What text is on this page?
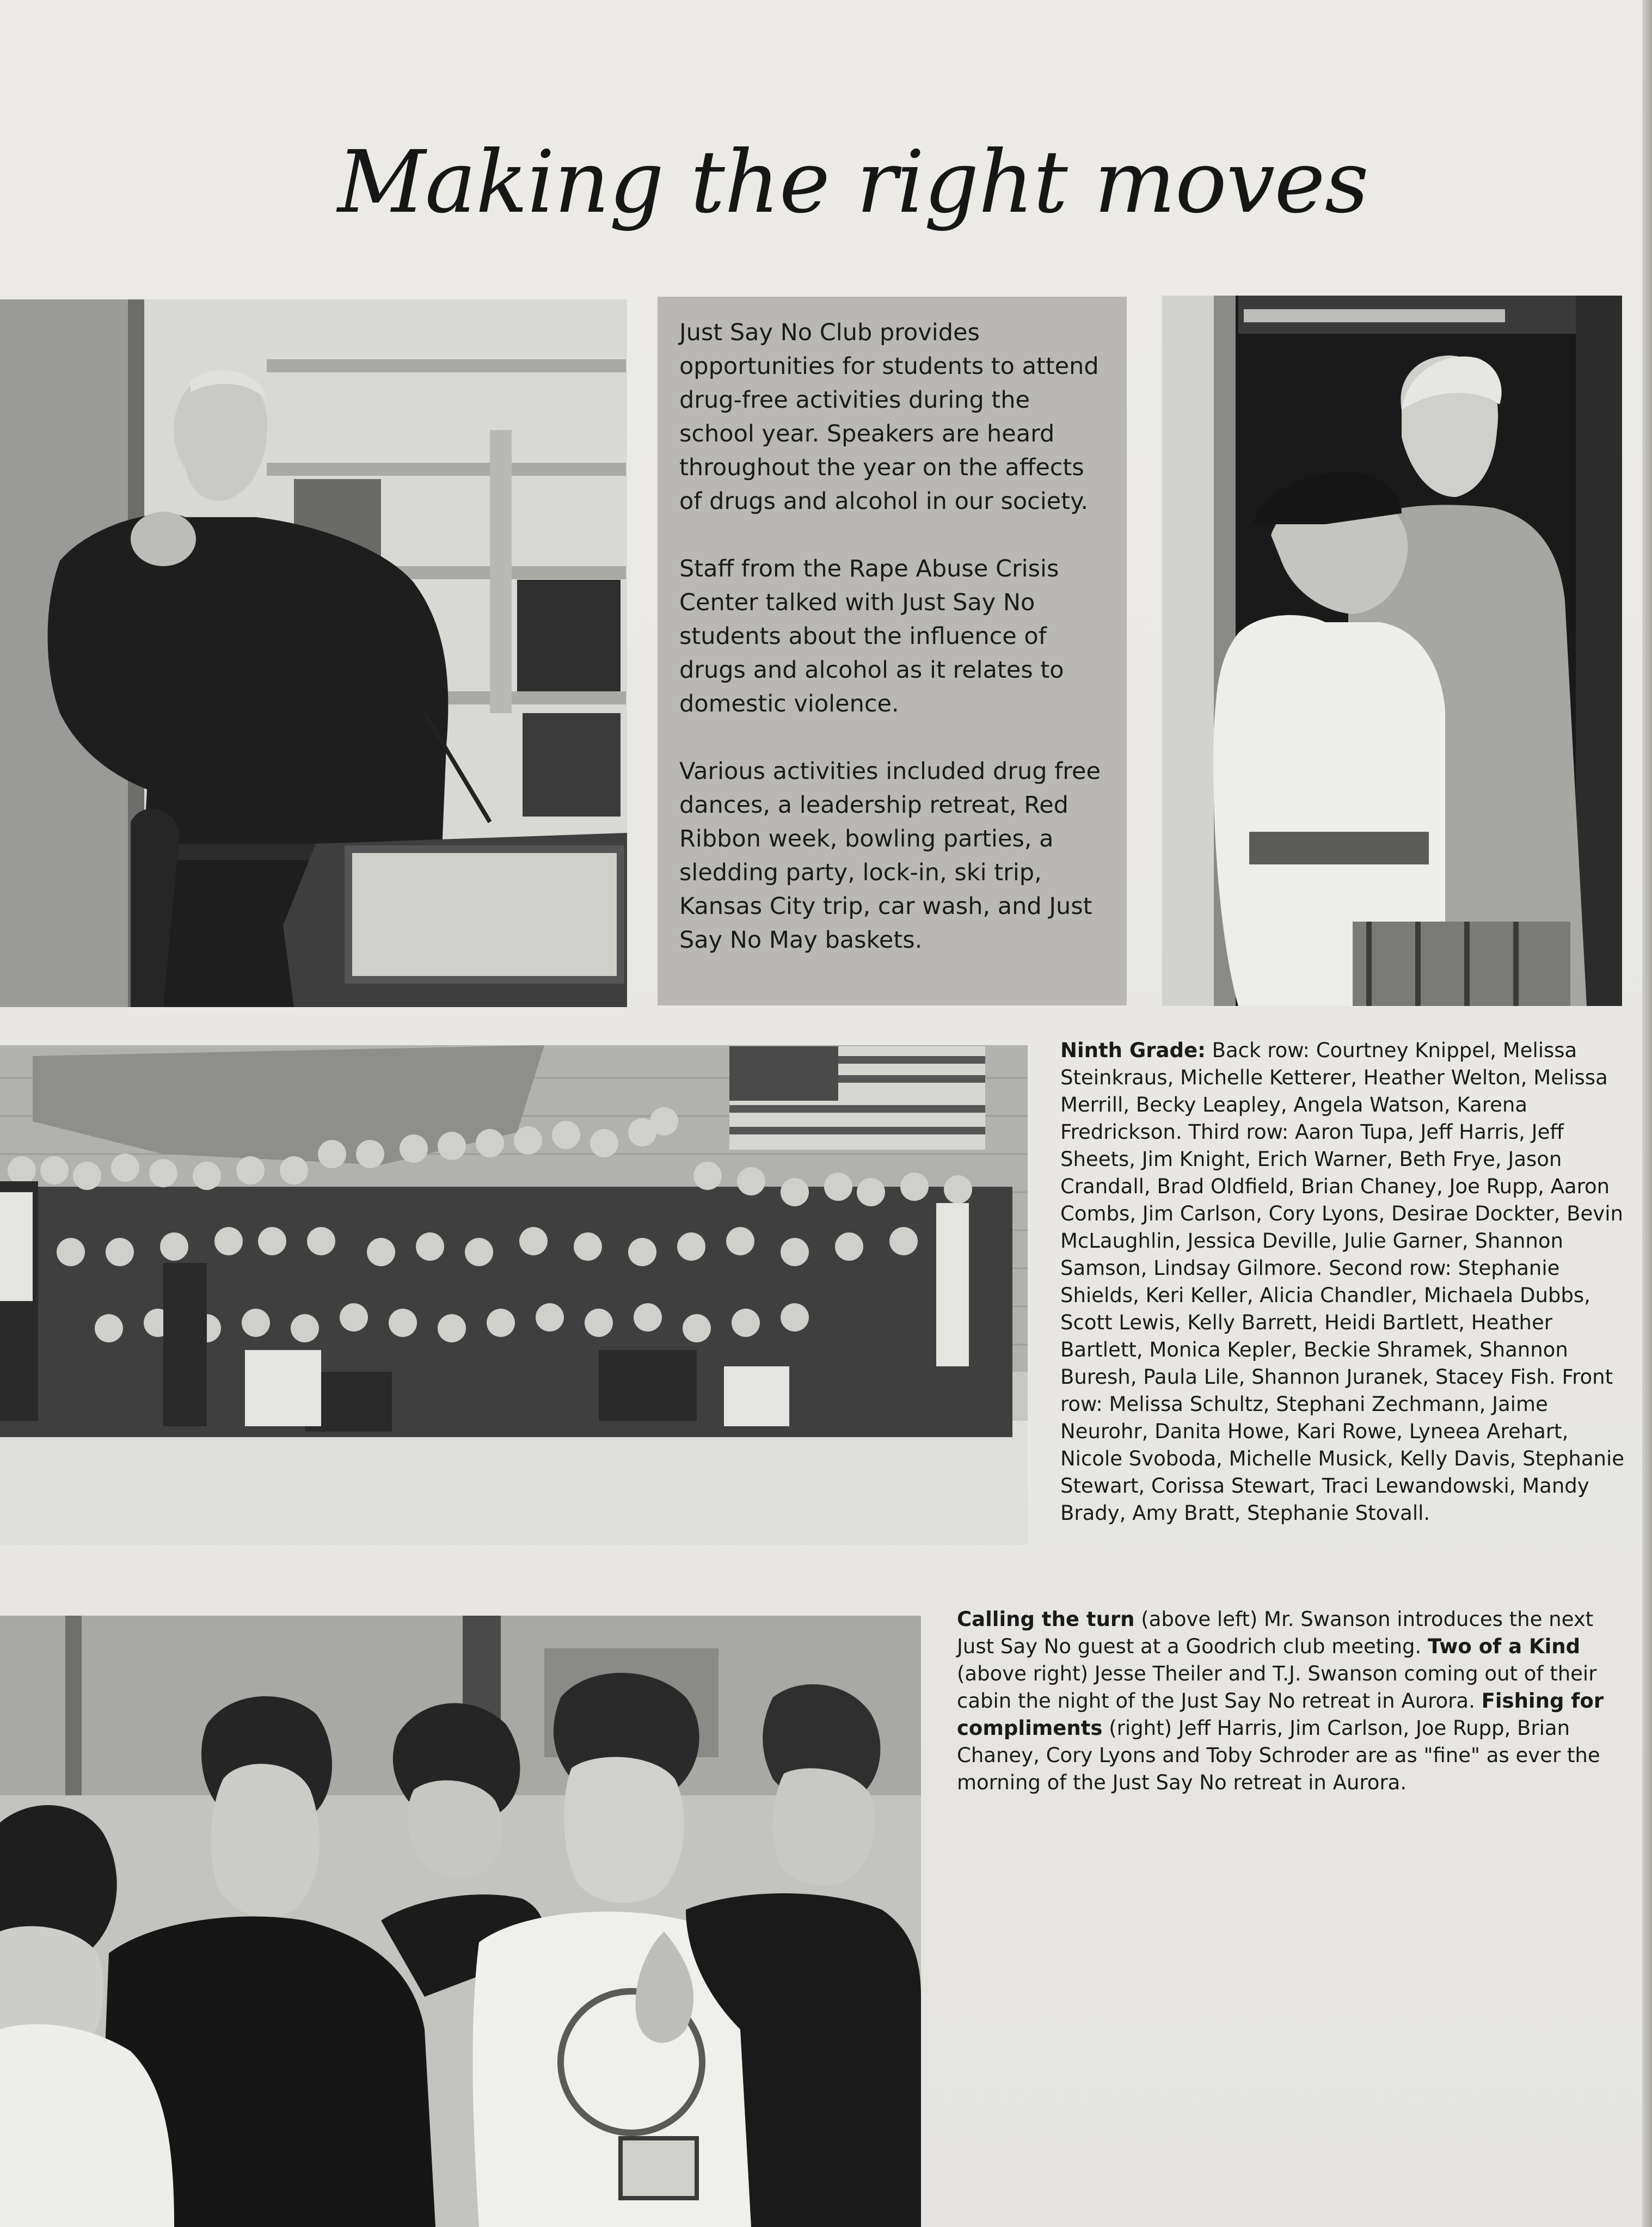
Making the right moves

Just Say No Club provides opportunities for students to attend drug-free activities during the school year. Speakers are heard throughout the year on the affects of drugs and alcohol in our society.

Staff from the Rape Abuse Crisis Center talked with Just Say No students about the influence of drugs and alcohol as it relates to domestic violence.

Various activities included drug free dances, a leadership retreat, Red Ribbon week, bowling parties, a sledding party, lock-in, ski trip, Kansas City trip, car wash, and Just Say No May baskets.

Ninth Grade: Back row: Courtney Knippel, Melissa Steinkraus, Michelle Ketterer, Heather Welton, Melissa Merrill, Becky Leapley, Angela Watson, Karena Fredrickson. Third row: Aaron Tupa, Jeff Harris, Jeff Sheets, Jim Knight, Erich Warner, Beth Frye, Jason Crandall, Brad Oldfield, Brian Chaney, Joe Rupp, Aaron Combs, Jim Carlson, Cory Lyons, Desirae Dockter, Bevin McLaughlin, Jessica Deville, Julie Garner, Shannon Samson, Lindsay Gilmore. Second row: Stephanie Shields, Keri Keller, Alicia Chandler, Michaela Dubbs, Scott Lewis, Kelly Barrett, Heidi Bartlett, Heather Bartlett, Monica Kepler, Beckie Shramek, Shannon Buresh, Paula Lile, Shannon Juranek, Stacey Fish. Front row: Melissa Schultz, Stephani Zechmann, Jaime Neurohr, Danita Howe, Kari Rowe, Lyneea Arehart, Nicole Svoboda, Michelle Musick, Kelly Davis, Stephanie Stewart, Corissa Stewart, Traci Lewandowski, Mandy Brady, Amy Bratt, Stephanie Stovall.

Calling the turn (above left) Mr. Swanson introduces the next Just Say No guest at a Goodrich club meeting. Two of a Kind (above right) Jesse Theiler and T.J. Swanson coming out of their cabin the night of the Just Say No retreat in Aurora. Fishing for compliments (right) Jeff Harris, Jim Carlson, Joe Rupp, Brian Chaney, Cory Lyons and Toby Schroder are as "fine" as ever the morning of the Just Say No retreat in Aurora.
